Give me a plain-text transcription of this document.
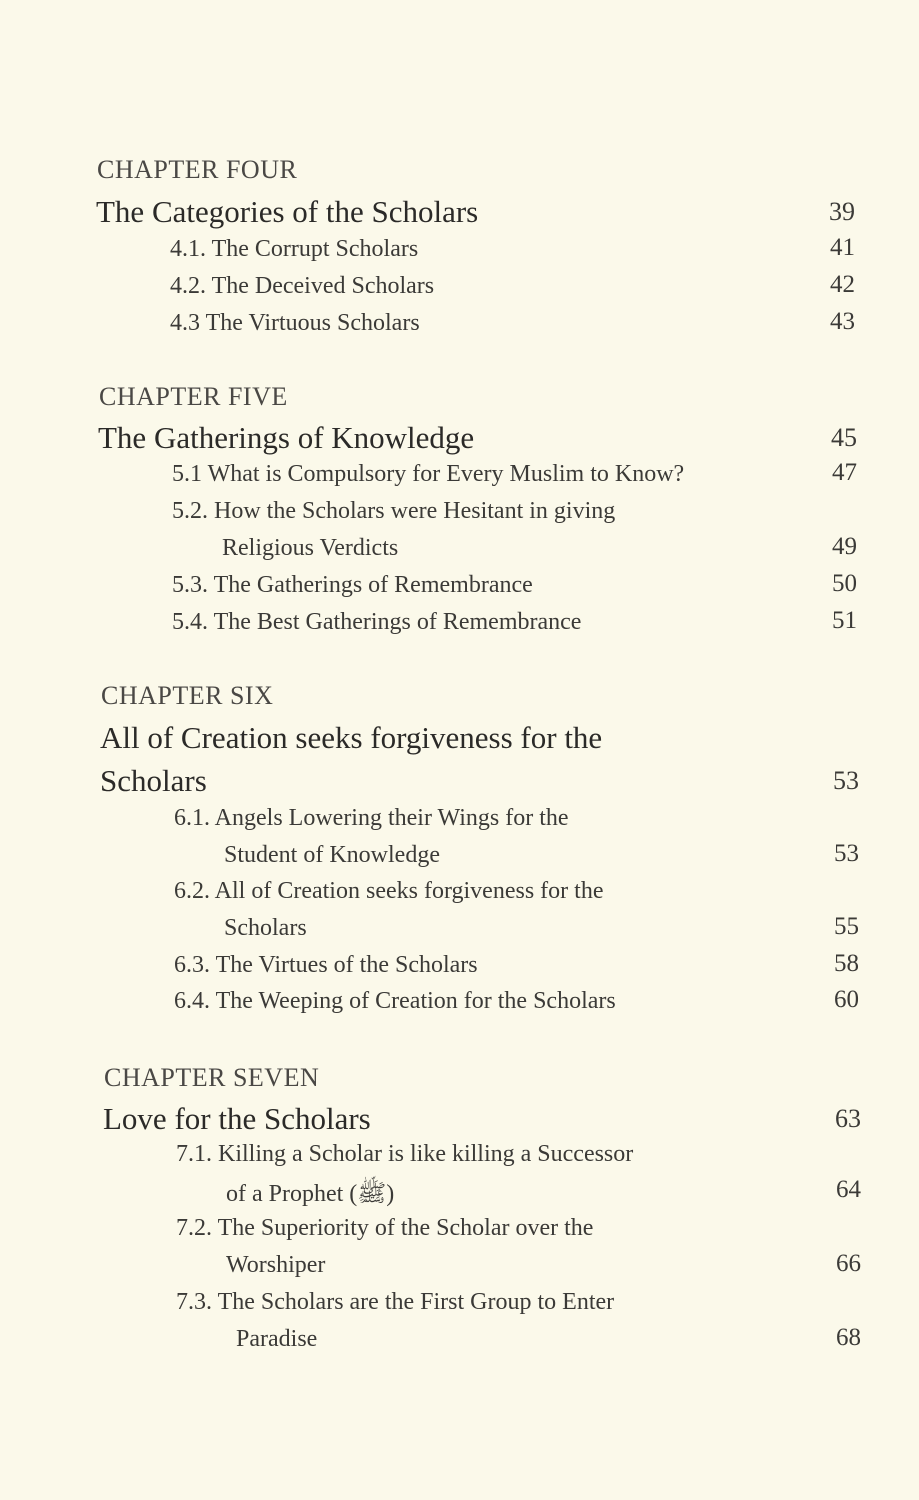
CHAPTER FOUR
The Categories of the Scholars	39
4.1. The Corrupt Scholars	41
4.2. The Deceived Scholars	42
4.3 The Virtuous Scholars	43
CHAPTER FIVE
The Gatherings of Knowledge	45
5.1 What is Compulsory for Every Muslim to Know?	47
5.2. How the Scholars were Hesitant in giving
Religious Verdicts	49
5.3. The Gatherings of Remembrance	50
5.4. The Best Gatherings of Remembrance	51
CHAPTER SIX
All of Creation seeks forgiveness for the
Scholars	53
6.1. Angels Lowering their Wings for the
Student of Knowledge	53
6.2. All of Creation seeks forgiveness for the
Scholars	55
6.3. The Virtues of the Scholars	58
6.4. The Weeping of Creation for the Scholars	60
CHAPTER SEVEN
Love for the Scholars	63
7.1. Killing a Scholar is like killing a Successor
of a Prophet (ﷺ)	64
7.2. The Superiority of the Scholar over the
Worshiper	66
7.3. The Scholars are the First Group to Enter
Paradise	68
